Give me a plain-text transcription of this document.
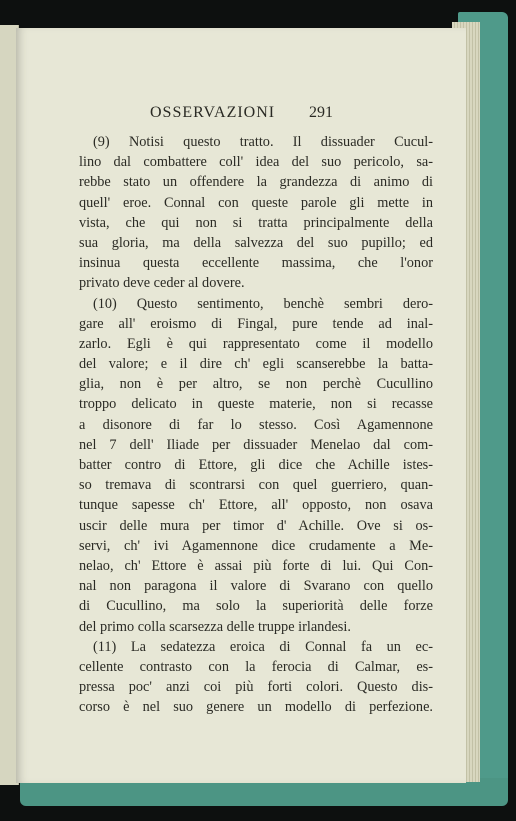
OSSERVAZIONI 291
(9) Notisi questo tratto. Il dissuader Cucul-
lino dal combattere coll' idea del suo pericolo, sa-
rebbe stato un offendere la grandezza di animo di
quell' eroe. Connal con queste parole gli mette in
vista, che qui non si tratta principalmente della
sua gloria, ma della salvezza del suo pupillo; ed
insinua questa eccellente massima, che l'onor
privato deve ceder al dovere.
(10) Questo sentimento, benchè sembri dero-
gare all' eroismo di Fingal, pure tende ad inal-
zarlo. Egli è qui rappresentato come il modello
del valore; e il dire ch' egli scanserebbe la batta-
glia, non è per altro, se non perchè Cucullino
troppo delicato in queste materie, non si recasse
a disonore di far lo stesso. Così Agamennone
nel 7 dell' Iliade per dissuader Menelao dal com-
batter contro di Ettore, gli dice che Achille istes-
so tremava di scontrarsi con quel guerriero, quan-
tunque sapesse ch' Ettore, all' opposto, non osava
uscir delle mura per timor d' Achille. Ove si os-
servi, ch' ivi Agamennone dice crudamente a Me-
nelao, ch' Ettore è assai più forte di lui. Qui Con-
nal non paragona il valore di Svarano con quello
di Cucullino, ma solo la superiorità delle forze
del primo colla scarsezza delle truppe irlandesi.
(11) La sedatezza eroica di Connal fa un ec-
cellente contrasto con la ferocia di Calmar, es-
pressa poc' anzi coi più forti colori. Questo dis-
corso è nel suo genere un modello di perfezione.
